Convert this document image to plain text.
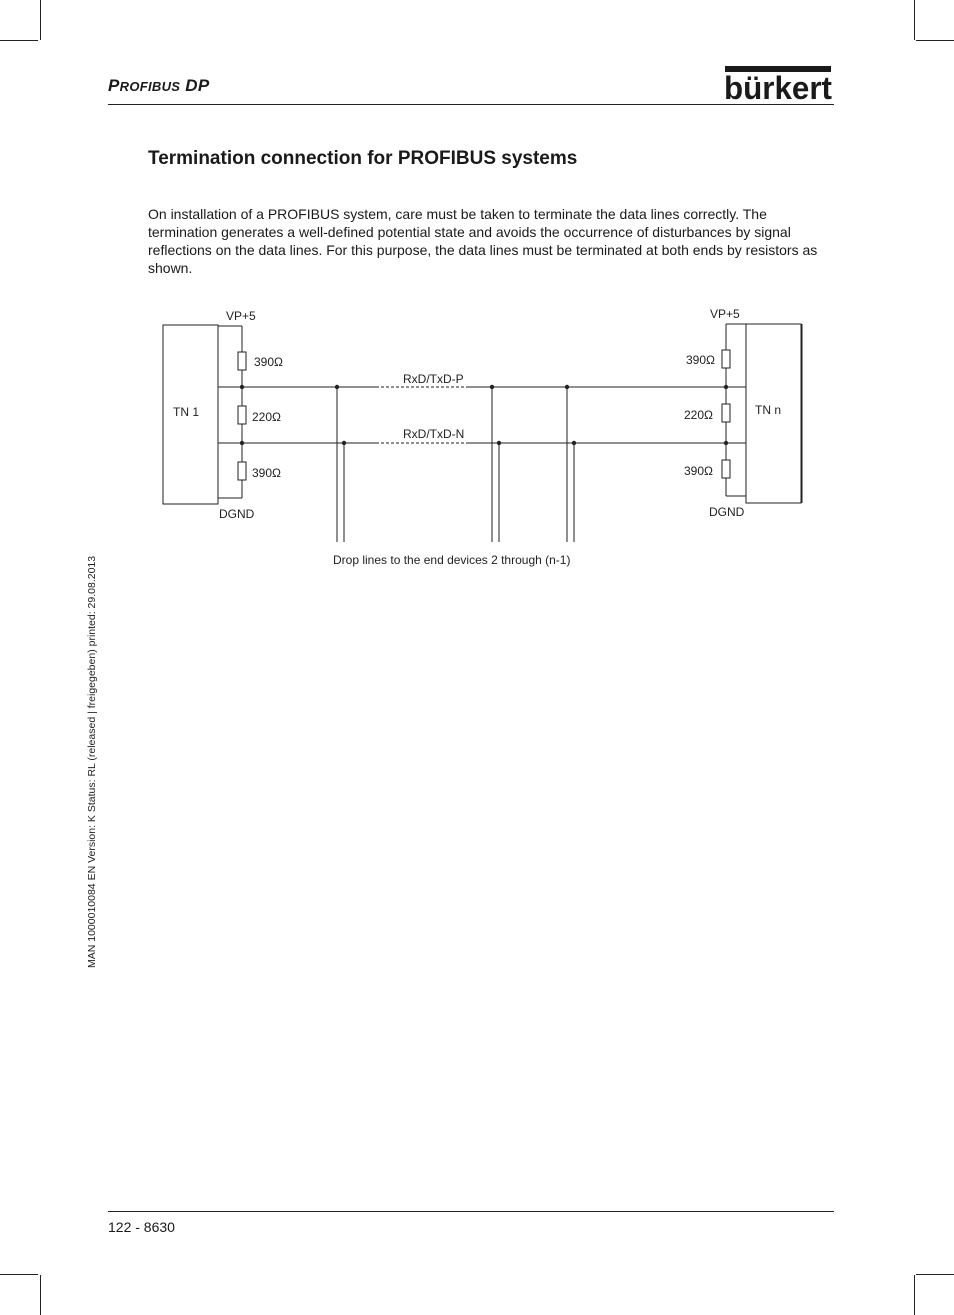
PROFIBUS DP	bürkert
Termination connection for PROFIBUS systems

On installation of a PROFIBUS system, care must be taken to terminate the data lines correctly. The termination generates a well-defined potential state and avoids the occurrence of disturbances by signal reflections on the data lines. For this purpose, the data lines must be terminated at both ends by resistors as shown.

VP+5	VP+5
TN 1	TN n
390Ω
220Ω
390Ω
390Ω
220Ω
390Ω
RxD/TxD-P
RxD/TxD-N
DGND	DGND
Drop lines to the end devices 2 through (n-1)
MAN 1000010084 EN Version: K Status: RL (released | freigegeben) printed: 29.08.2013
122 - 8630
